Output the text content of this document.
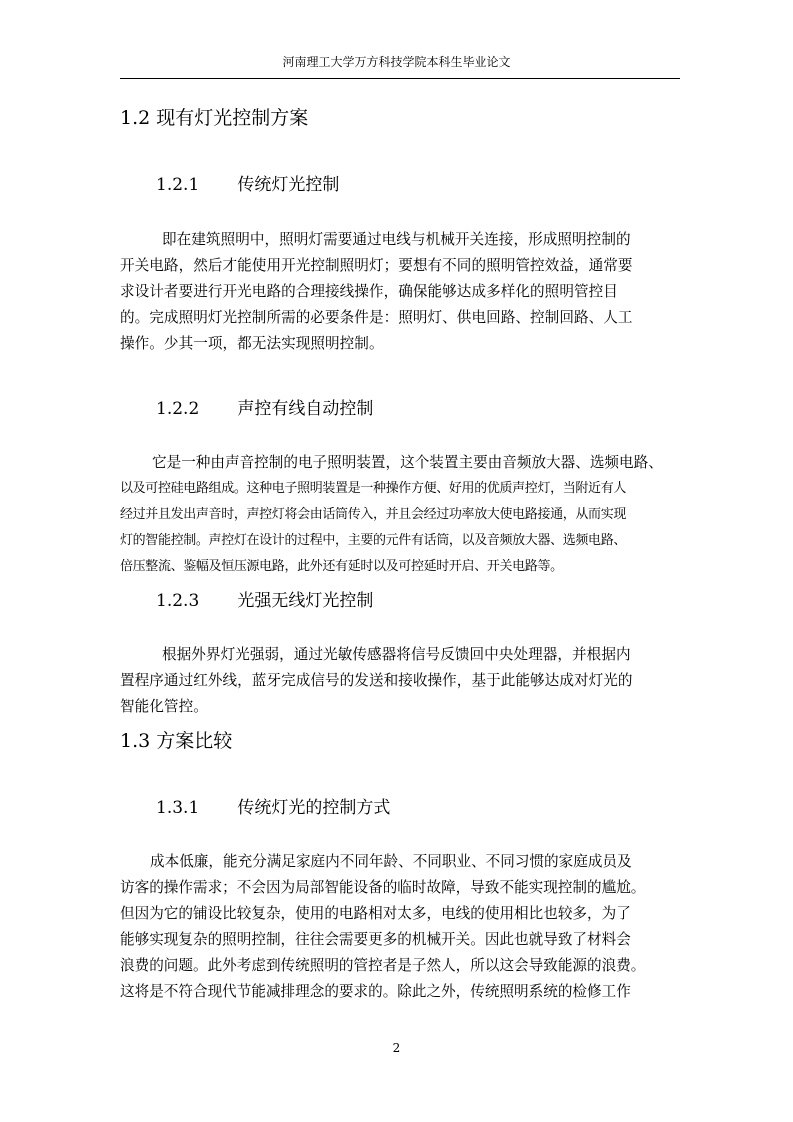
河南理工大学万方科技学院本科生毕业论文
1.2 现有灯光控制方案
1.2.1 传统灯光控制
即在建筑照明中，照明灯需要通过电线与机械开关连接，形成照明控制的
开关电路，然后才能使用开光控制照明灯；要想有不同的照明管控效益，通常要
求设计者要进行开光电路的合理接线操作，确保能够达成多样化的照明管控目
的。完成照明灯光控制所需的必要条件是：照明灯、供电回路、控制回路、人工
操作。少其一项，都无法实现照明控制。
1.2.2 声控有线自动控制
它是一种由声音控制的电子照明装置，这个装置主要由音频放大器、选频电路、
以及可控硅电路组成。这种电子照明装置是一种操作方便、好用的优质声控灯，当附近有人
经过并且发出声音时，声控灯将会由话筒传入，并且会经过功率放大使电路接通，从而实现
灯的智能控制。声控灯在设计的过程中，主要的元件有话筒，以及音频放大器、选频电路、
倍压整流、鉴幅及恒压源电路，此外还有延时以及可控延时开启、开关电路等。
1.2.3 光强无线灯光控制
根据外界灯光强弱，通过光敏传感器将信号反馈回中央处理器，并根据内
置程序通过红外线，蓝牙完成信号的发送和接收操作，基于此能够达成对灯光的
智能化管控。
1.3 方案比较
1.3.1 传统灯光的控制方式
成本低廉，能充分满足家庭内不同年龄、不同职业、不同习惯的家庭成员及
访客的操作需求；不会因为局部智能设备的临时故障，导致不能实现控制的尴尬。
但因为它的铺设比较复杂，使用的电路相对太多，电线的使用相比也较多，为了
能够实现复杂的照明控制，往往会需要更多的机械开关。因此也就导致了材料会
浪费的问题。此外考虑到传统照明的管控者是子然人，所以这会导致能源的浪费。
这将是不符合现代节能减排理念的要求的。除此之外，传统照明系统的检修工作
2
